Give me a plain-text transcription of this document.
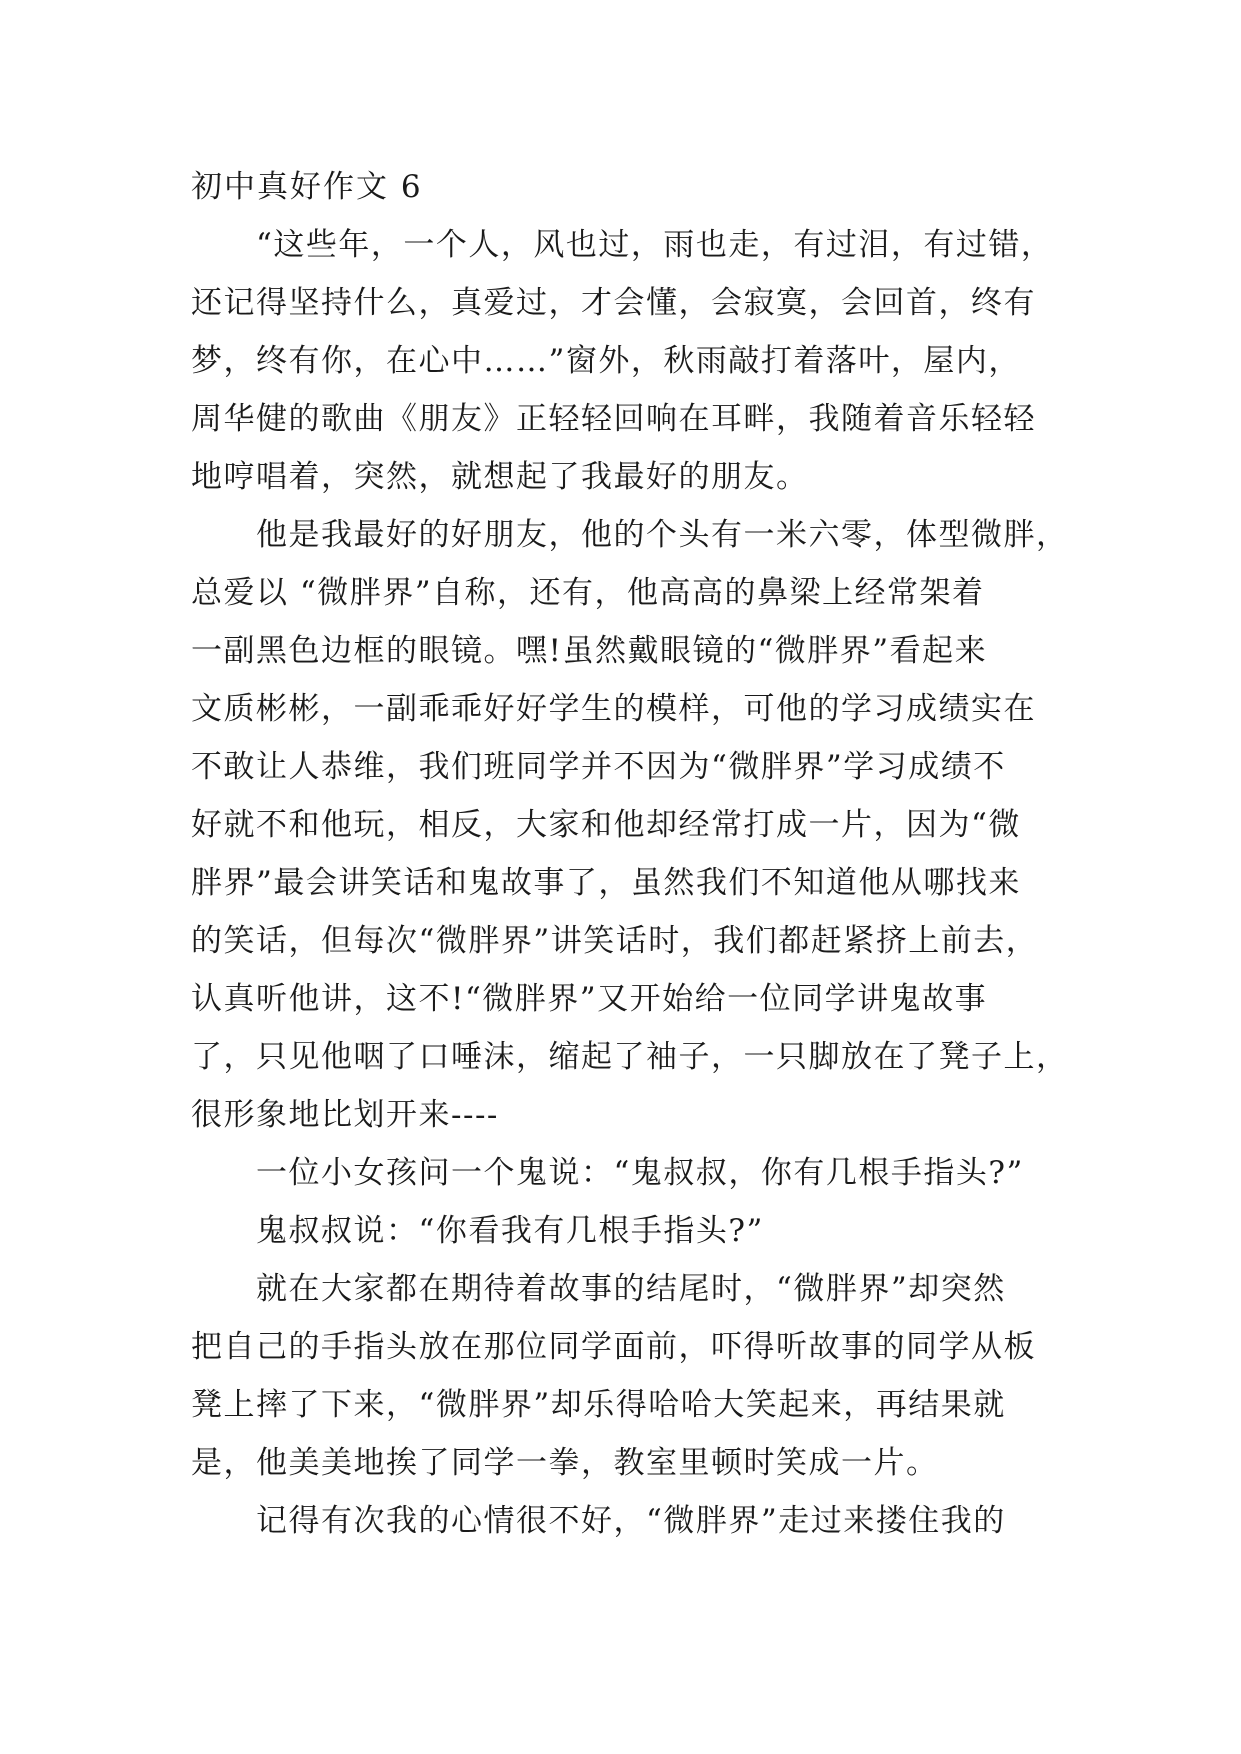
初中真好作文 6
“这些年，一个人，风也过，雨也走，有过泪，有过错，
还记得坚持什么，真爱过，才会懂，会寂寞，会回首，终有
梦，终有你，在心中……”窗外，秋雨敲打着落叶，屋内，
周华健的歌曲《朋友》正轻轻回响在耳畔，我随着音乐轻轻
地哼唱着，突然，就想起了我最好的朋友。
他是我最好的好朋友，他的个头有一米六零，体型微胖，
总爱以 “微胖界”自称，还有，他高高的鼻梁上经常架着
一副黑色边框的眼镜。嘿!虽然戴眼镜的“微胖界”看起来
文质彬彬，一副乖乖好好学生的模样，可他的学习成绩实在
不敢让人恭维，我们班同学并不因为“微胖界”学习成绩不
好就不和他玩，相反，大家和他却经常打成一片，因为“微
胖界”最会讲笑话和鬼故事了，虽然我们不知道他从哪找来
的笑话，但每次“微胖界”讲笑话时，我们都赶紧挤上前去，
认真听他讲，这不!“微胖界”又开始给一位同学讲鬼故事
了，只见他咽了口唾沫，缩起了袖子，一只脚放在了凳子上，
很形象地比划开来----
一位小女孩问一个鬼说：“鬼叔叔，你有几根手指头?”
鬼叔叔说：“你看我有几根手指头?”
就在大家都在期待着故事的结尾时，“微胖界”却突然
把自己的手指头放在那位同学面前，吓得听故事的同学从板
凳上摔了下来，“微胖界”却乐得哈哈大笑起来，再结果就
是，他美美地挨了同学一拳，教室里顿时笑成一片。
记得有次我的心情很不好，“微胖界”走过来搂住我的
